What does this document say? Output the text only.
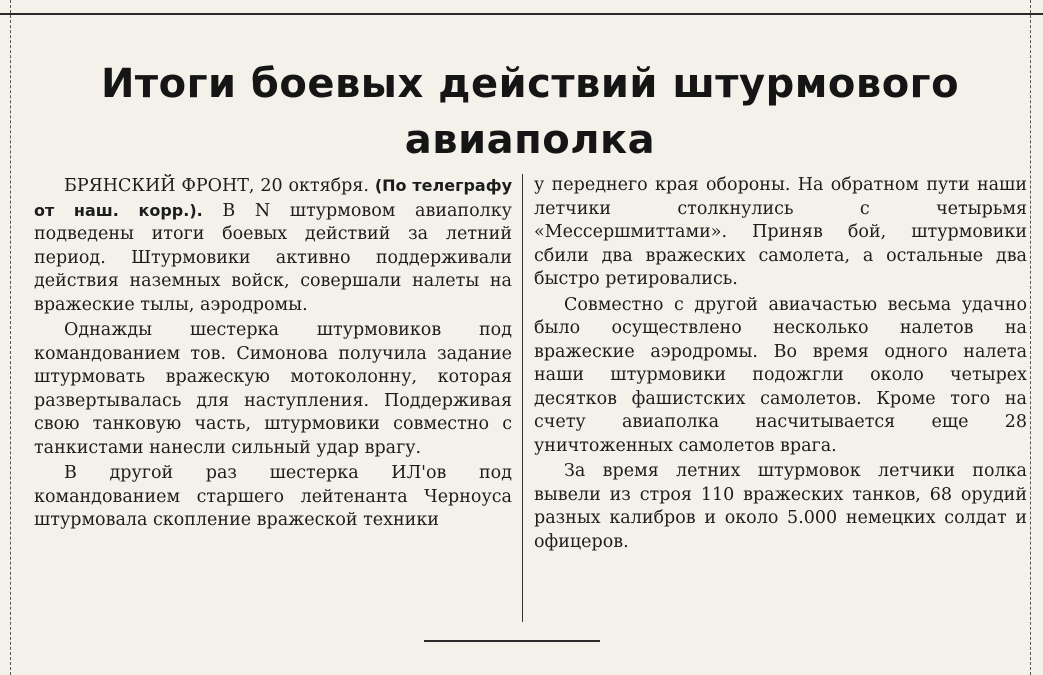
Итоги боевых действий штурмового авиаполка

БРЯНСКИЙ ФРОНТ, 20 октября. (По телеграфу от наш. корр.). В N штурмовом авиаполку подведены итоги боевых действий за летний период. Штурмовики активно поддерживали действия наземных войск, совершали налеты на вражеские тылы, аэродромы.

Однажды шестерка штурмовиков под командованием тов. Симонова получила задание штурмовать вражескую мотоколонну, которая развертывалась для наступления. Поддерживая свою танковую часть, штурмовики совместно с танкистами нанесли сильный удар врагу.

В другой раз шестерка ИЛ'ов под командованием старшего лейтенанта Черноуса штурмовала скопление вражеской техники

у переднего края обороны. На обратном пути наши летчики столкнулись с четырьмя «Мессершмиттами». Приняв бой, штурмовики сбили два вражеских самолета, а остальные два быстро ретировались.

Совместно с другой авиачастью весьма удачно было осуществлено несколько налетов на вражеские аэродромы. Во время одного налета наши штурмовики подожгли около четырех десятков фашистских самолетов. Кроме того на счету авиаполка насчитывается еще 28 уничтоженных самолетов врага.

За время летних штурмовок летчики полка вывели из строя 110 вражеских танков, 68 орудий разных калибров и около 5.000 немецких солдат и офицеров.
